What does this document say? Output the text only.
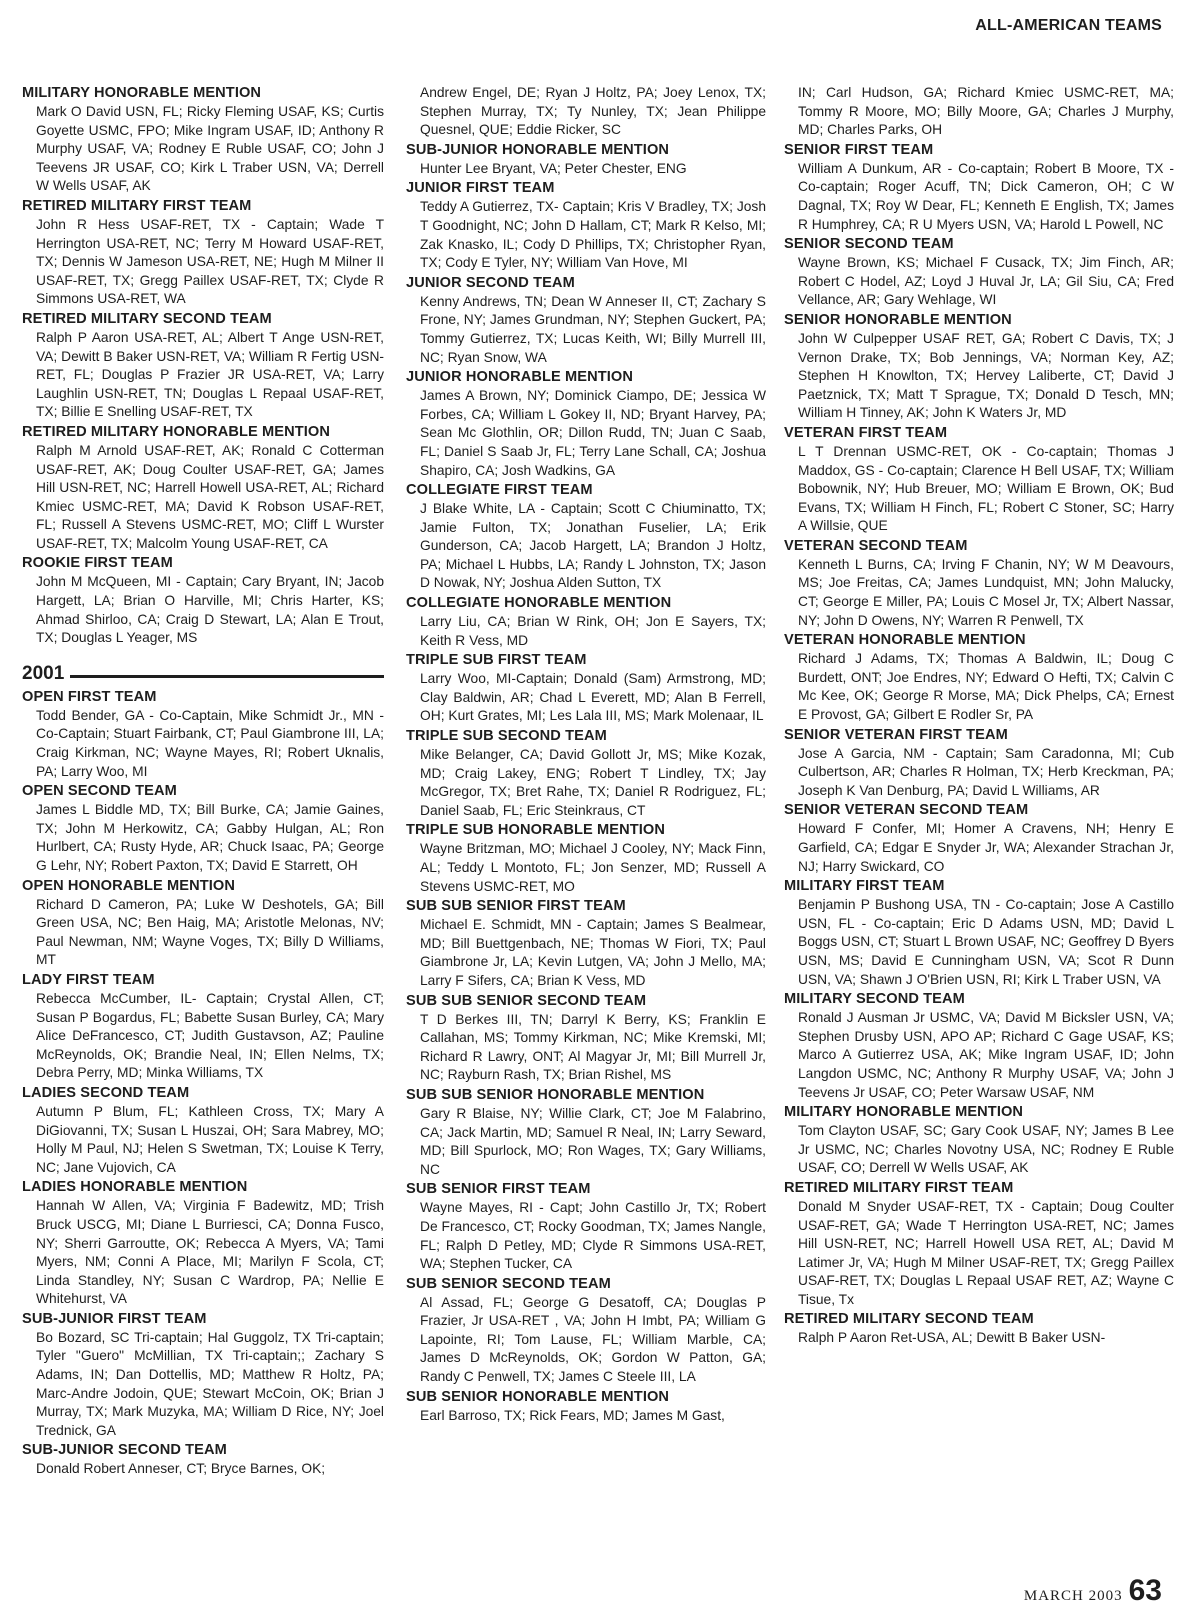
ALL-AMERICAN TEAMS

MILITARY HONORABLE MENTION

Mark O David USN, FL; Ricky Fleming USAF, KS; Curtis Goyette USMC, FPO; Mike Ingram USAF, ID; Anthony R Murphy USAF, VA; Rodney E Ruble USAF, CO; John J Teevens JR USAF, CO; Kirk L Traber USN, VA; Derrell W Wells USAF, AK

RETIRED MILITARY FIRST TEAM

John R Hess USAF-RET, TX - Captain; Wade T Herrington USA-RET, NC; Terry M Howard USAF-RET, TX; Dennis W Jameson USA-RET, NE; Hugh M Milner II USAF-RET, TX; Gregg Paillex USAF-RET, TX; Clyde R Simmons USA-RET, WA

RETIRED MILITARY SECOND TEAM

Ralph P Aaron USA-RET, AL; Albert T Ange USN-RET, VA; Dewitt B Baker USN-RET, VA; William R Fertig USN-RET, FL; Douglas P Frazier JR USA-RET, VA; Larry Laughlin USN-RET, TN; Douglas L Repaal USAF-RET, TX; Billie E Snelling USAF-RET, TX

RETIRED MILITARY HONORABLE MENTION

Ralph M Arnold USAF-RET, AK; Ronald C Cotterman USAF-RET, AK; Doug Coulter USAF-RET, GA; James Hill USN-RET, NC; Harrell Howell USA-RET, AL; Richard Kmiec USMC-RET, MA; David K Robson USAF-RET, FL; Russell A Stevens USMC-RET, MO; Cliff L Wurster USAF-RET, TX; Malcolm Young USAF-RET, CA

ROOKIE FIRST TEAM

John M McQueen, MI - Captain; Cary Bryant, IN; Jacob Hargett, LA; Brian O Harville, MI; Chris Harter, KS; Ahmad Shirloo, CA; Craig D Stewart, LA; Alan E Trout, TX; Douglas L Yeager, MS

2001

OPEN FIRST TEAM

Todd Bender, GA - Co-Captain, Mike Schmidt Jr., MN - Co-Captain; Stuart Fairbank, CT; Paul Giambrone III, LA; Craig Kirkman, NC; Wayne Mayes, RI; Robert Uknalis, PA; Larry Woo, MI

OPEN SECOND TEAM

James L Biddle MD, TX; Bill Burke, CA; Jamie Gaines, TX; John M Herkowitz, CA; Gabby Hulgan, AL; Ron Hurlbert, CA; Rusty Hyde, AR; Chuck Isaac, PA; George G Lehr, NY; Robert Paxton, TX; David E Starrett, OH

OPEN HONORABLE MENTION

Richard D Cameron, PA; Luke W Deshotels, GA; Bill Green USA, NC; Ben Haig, MA; Aristotle Melonas, NV; Paul Newman, NM; Wayne Voges, TX; Billy D Williams, MT

LADY FIRST TEAM

Rebecca McCumber, IL- Captain; Crystal Allen, CT; Susan P Bogardus, FL; Babette Susan Burley, CA; Mary Alice DeFrancesco, CT; Judith Gustavson, AZ; Pauline McReynolds, OK; Brandie Neal, IN; Ellen Nelms, TX; Debra Perry, MD; Minka Williams, TX

LADIES SECOND TEAM

Autumn P Blum, FL; Kathleen Cross, TX; Mary A DiGiovanni, TX; Susan L Huszai, OH; Sara Mabrey, MO; Holly M Paul, NJ; Helen S Swetman, TX; Louise K Terry, NC; Jane Vujovich, CA

LADIES HONORABLE MENTION

Hannah W Allen, VA; Virginia F Badewitz, MD; Trish Bruck USCG, MI; Diane L Burriesci, CA; Donna Fusco, NY; Sherri Garroutte, OK; Rebecca A Myers, VA; Tami Myers, NM; Conni A Place, MI; Marilyn F Scola, CT; Linda Standley, NY; Susan C Wardrop, PA; Nellie E Whitehurst, VA

SUB-JUNIOR FIRST TEAM

Bo Bozard, SC Tri-captain; Hal Guggolz, TX Tri-captain; Tyler "Guero" McMillian, TX Tri-captain;; Zachary S Adams, IN; Dan Dottellis, MD; Matthew R Holtz, PA; Marc-Andre Jodoin, QUE; Stewart McCoin, OK; Brian J Murray, TX; Mark Muzyka, MA; William D Rice, NY; Joel Trednick, GA

SUB-JUNIOR SECOND TEAM

Donald Robert Anneser, CT; Bryce Barnes, OK;

Andrew Engel, DE; Ryan J Holtz, PA; Joey Lenox, TX; Stephen Murray, TX; Ty Nunley, TX; Jean Philippe Quesnel, QUE; Eddie Ricker, SC

SUB-JUNIOR HONORABLE MENTION

Hunter Lee Bryant, VA; Peter Chester, ENG

JUNIOR FIRST TEAM

Teddy A Gutierrez, TX- Captain; Kris V Bradley, TX; Josh T Goodnight, NC; John D Hallam, CT; Mark R Kelso, MI; Zak Knasko, IL; Cody D Phillips, TX; Christopher Ryan, TX; Cody E Tyler, NY; William Van Hove, MI

JUNIOR SECOND TEAM

Kenny Andrews, TN; Dean W Anneser II, CT; Zachary S Frone, NY; James Grundman, NY; Stephen Guckert, PA; Tommy Gutierrez, TX; Lucas Keith, WI; Billy Murrell III, NC; Ryan Snow, WA

JUNIOR HONORABLE MENTION

James A Brown, NY; Dominick Ciampo, DE; Jessica W Forbes, CA; William L Gokey II, ND; Bryant Harvey, PA; Sean Mc Glothlin, OR; Dillon Rudd, TN; Juan C Saab, FL; Daniel S Saab Jr, FL; Terry Lane Schall, CA; Joshua Shapiro, CA; Josh Wadkins, GA

COLLEGIATE FIRST TEAM

J Blake White, LA - Captain; Scott C Chiuminatto, TX; Jamie Fulton, TX; Jonathan Fuselier, LA; Erik Gunderson, CA; Jacob Hargett, LA; Brandon J Holtz, PA; Michael L Hubbs, LA; Randy L Johnston, TX; Jason D Nowak, NY; Joshua Alden Sutton, TX

COLLEGIATE HONORABLE MENTION

Larry Liu, CA; Brian W Rink, OH; Jon E Sayers, TX; Keith R Vess, MD

TRIPLE SUB FIRST TEAM

Larry Woo, MI-Captain; Donald (Sam) Armstrong, MD; Clay Baldwin, AR; Chad L Everett, MD; Alan B Ferrell, OH; Kurt Grates, MI; Les Lala III, MS; Mark Molenaar, IL

TRIPLE SUB SECOND TEAM

Mike Belanger, CA; David Gollott Jr, MS; Mike Kozak, MD; Craig Lakey, ENG; Robert T Lindley, TX; Jay McGregor, TX; Bret Rahe, TX; Daniel R Rodriguez, FL; Daniel Saab, FL; Eric Steinkraus, CT

TRIPLE SUB HONORABLE MENTION

Wayne Britzman, MO; Michael J Cooley, NY; Mack Finn, AL; Teddy L Montoto, FL; Jon Senzer, MD; Russell A Stevens USMC-RET, MO

SUB SUB SENIOR FIRST TEAM

Michael E. Schmidt, MN - Captain; James S Bealmear, MD; Bill Buettgenbach, NE; Thomas W Fiori, TX; Paul Giambrone Jr, LA; Kevin Lutgen, VA; John J Mello, MA; Larry F Sifers, CA; Brian K Vess, MD

SUB SUB SENIOR SECOND TEAM

T D Berkes III, TN; Darryl K Berry, KS; Franklin E Callahan, MS; Tommy Kirkman, NC; Mike Kremski, MI; Richard R Lawry, ONT; Al Magyar Jr, MI; Bill Murrell Jr, NC; Rayburn Rash, TX; Brian Rishel, MS

SUB SUB SENIOR HONORABLE MENTION

Gary R Blaise, NY; Willie Clark, CT; Joe M Falabrino, CA; Jack Martin, MD; Samuel R Neal, IN; Larry Seward, MD; Bill Spurlock, MO; Ron Wages, TX; Gary Williams, NC

SUB SENIOR FIRST TEAM

Wayne Mayes, RI - Capt; John Castillo Jr, TX; Robert De Francesco, CT; Rocky Goodman, TX; James Nangle, FL; Ralph D Petley, MD; Clyde R Simmons USA-RET, WA; Stephen Tucker, CA

SUB SENIOR SECOND TEAM

Al Assad, FL; George G Desatoff, CA; Douglas P Frazier, Jr USA-RET , VA; John H Imbt, PA; William G Lapointe, RI; Tom Lause, FL; William Marble, CA; James D McReynolds, OK; Gordon W Patton, GA; Randy C Penwell, TX; James C Steele III, LA

SUB SENIOR HONORABLE MENTION

Earl Barroso, TX; Rick Fears, MD; James M Gast,

IN; Carl Hudson, GA; Richard Kmiec USMC-RET, MA; Tommy R Moore, MO; Billy Moore, GA; Charles J Murphy, MD; Charles Parks, OH

SENIOR FIRST TEAM

William A Dunkum, AR - Co-captain; Robert B Moore, TX - Co-captain; Roger Acuff, TN; Dick Cameron, OH; C W Dagnal, TX; Roy W Dear, FL; Kenneth E English, TX; James R Humphrey, CA; R U Myers USN, VA; Harold L Powell, NC

SENIOR SECOND TEAM

Wayne Brown, KS; Michael F Cusack, TX; Jim Finch, AR; Robert C Hodel, AZ; Loyd J Huval Jr, LA; Gil Siu, CA; Fred Vellance, AR; Gary Wehlage, WI

SENIOR HONORABLE MENTION

John W Culpepper USAF RET, GA; Robert C Davis, TX; J Vernon Drake, TX; Bob Jennings, VA; Norman Key, AZ; Stephen H Knowlton, TX; Hervey Laliberte, CT; David J Paetznick, TX; Matt T Sprague, TX; Donald D Tesch, MN; William H Tinney, AK; John K Waters Jr, MD

VETERAN FIRST TEAM

L T Drennan USMC-RET, OK - Co-captain; Thomas J Maddox, GS - Co-captain; Clarence H Bell USAF, TX; William Bobownik, NY; Hub Breuer, MO; William E Brown, OK; Bud Evans, TX; William H Finch, FL; Robert C Stoner, SC; Harry A Willsie, QUE

VETERAN SECOND TEAM

Kenneth L Burns, CA; Irving F Chanin, NY; W M Deavours, MS; Joe Freitas, CA; James Lundquist, MN; John Malucky, CT; George E Miller, PA; Louis C Mosel Jr, TX; Albert Nassar, NY; John D Owens, NY; Warren R Penwell, TX

VETERAN HONORABLE MENTION

Richard J Adams, TX; Thomas A Baldwin, IL; Doug C Burdett, ONT; Joe Endres, NY; Edward O Hefti, TX; Calvin C Mc Kee, OK; George R Morse, MA; Dick Phelps, CA; Ernest E Provost, GA; Gilbert E Rodler Sr, PA

SENIOR VETERAN FIRST TEAM

Jose A Garcia, NM - Captain; Sam Caradonna, MI; Cub Culbertson, AR; Charles R Holman, TX; Herb Kreckman, PA; Joseph K Van Denburg, PA; David L Williams, AR

SENIOR VETERAN SECOND TEAM

Howard F Confer, MI; Homer A Cravens, NH; Henry E Garfield, CA; Edgar E Snyder Jr, WA; Alexander Strachan Jr, NJ; Harry Swickard, CO

MILITARY FIRST TEAM

Benjamin P Bushong USA, TN - Co-captain; Jose A Castillo USN, FL - Co-captain; Eric D Adams USN, MD; David L Boggs USN, CT; Stuart L Brown USAF, NC; Geoffrey D Byers USN, MS; David E Cunningham USN, VA; Scot R Dunn USN, VA; Shawn J O'Brien USN, RI; Kirk L Traber USN, VA

MILITARY SECOND TEAM

Ronald J Ausman Jr USMC, VA; David M Bicksler USN, VA; Stephen Drusby USN, APO AP; Richard C Gage USAF, KS; Marco A Gutierrez USA, AK; Mike Ingram USAF, ID; John Langdon USMC, NC; Anthony R Murphy USAF, VA; John J Teevens Jr USAF, CO; Peter Warsaw USAF, NM

MILITARY HONORABLE MENTION

Tom Clayton USAF, SC; Gary Cook USAF, NY; James B Lee Jr USMC, NC; Charles Novotny USA, NC; Rodney E Ruble USAF, CO; Derrell W Wells USAF, AK

RETIRED MILITARY FIRST TEAM

Donald M Snyder USAF-RET, TX - Captain; Doug Coulter USAF-RET, GA; Wade T Herrington USA-RET, NC; James Hill USN-RET, NC; Harrell Howell USA RET, AL; David M Latimer Jr, VA; Hugh M Milner USAF-RET, TX; Gregg Paillex USAF-RET, TX; Douglas L Repaal USAF RET, AZ; Wayne C Tisue, Tx

RETIRED MILITARY SECOND TEAM

Ralph P Aaron Ret-USA, AL; Dewitt B Baker USN-

MARCH 2003 63
